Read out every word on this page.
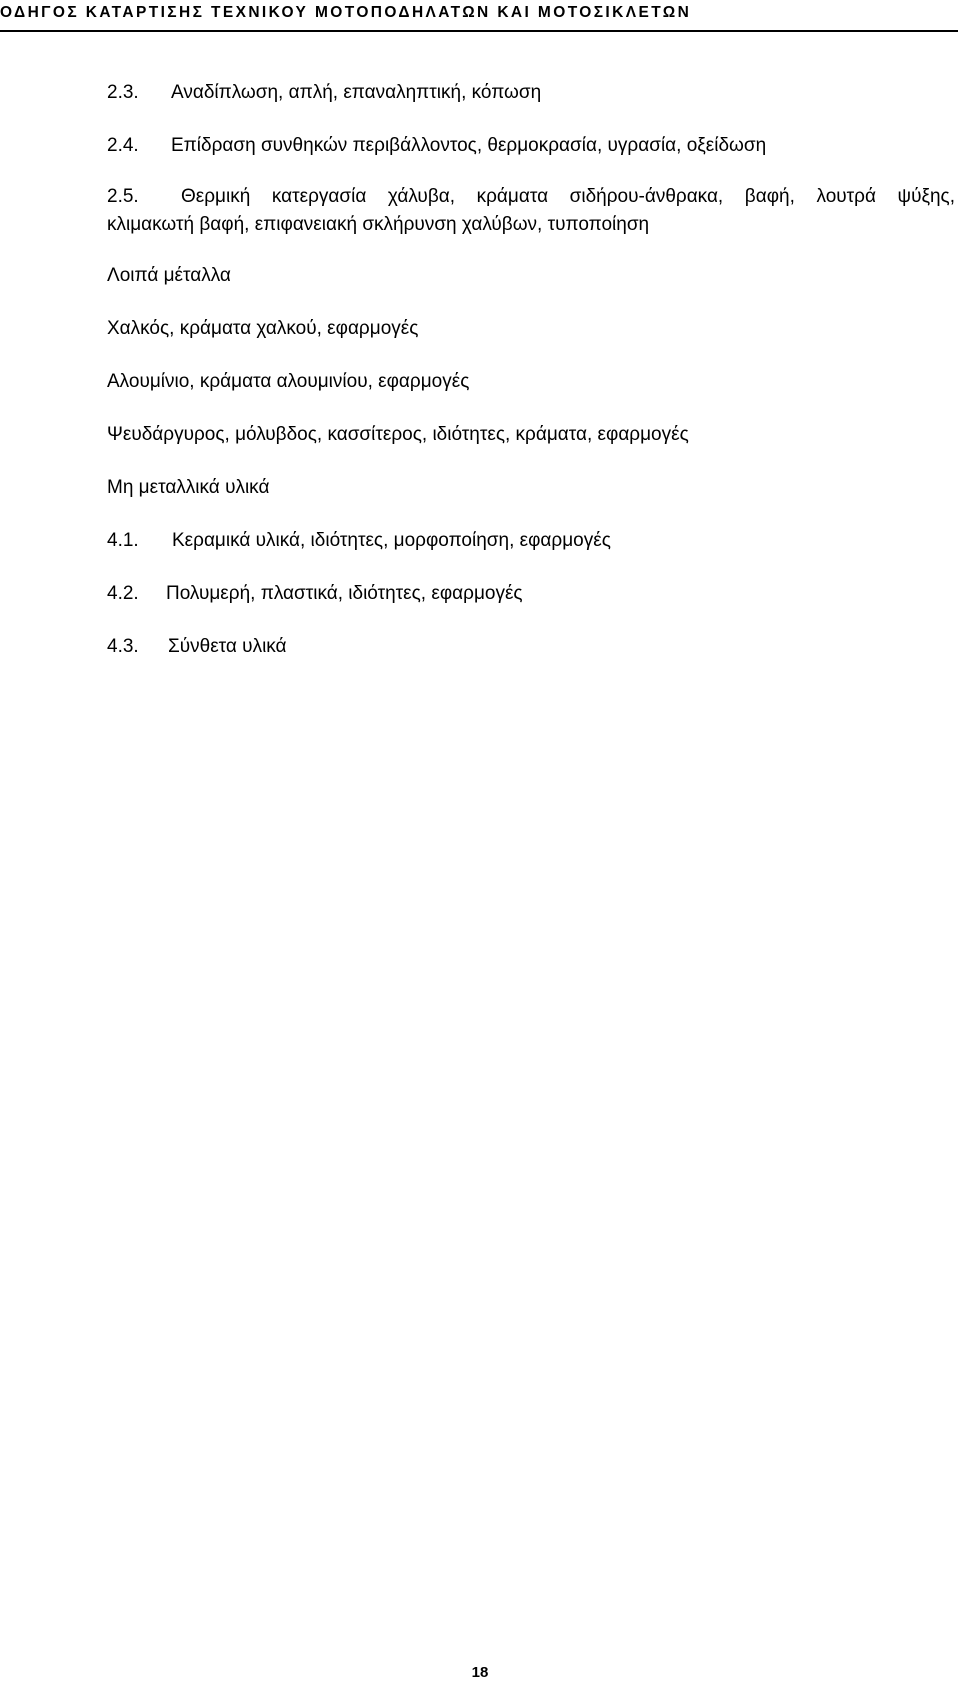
ΟΔΗΓΟΣ ΚΑΤΑΡΤΙΣΗΣ ΤΕΧΝΙΚΟΥ ΜΟΤΟΠΟΔΗΛΑΤΩΝ ΚΑΙ ΜΟΤΟΣΙΚΛΕΤΩΝ
2.3. Αναδίπλωση, απλή, επαναληπτική, κόπωση
2.4. Επίδραση συνθηκών περιβάλλοντος, θερμοκρασία, υγρασία, οξείδωση
2.5. Θερμική κατεργασία χάλυβα, κράματα σιδήρου-άνθρακα, βαφή, λουτρά ψύξης,
κλιμακωτή βαφή, επιφανειακή σκλήρυνση χαλύβων, τυποποίηση
Λοιπά μέταλλα
Χαλκός, κράματα χαλκού, εφαρμογές
Αλουμίνιο, κράματα αλουμινίου, εφαρμογές
Ψευδάργυρος, μόλυβδος, κασσίτερος, ιδιότητες, κράματα, εφαρμογές
Μη μεταλλικά υλικά
4.1. Κεραμικά υλικά, ιδιότητες, μορφοποίηση, εφαρμογές
4.2. Πολυμερή, πλαστικά, ιδιότητες, εφαρμογές
4.3. Σύνθετα υλικά
18
